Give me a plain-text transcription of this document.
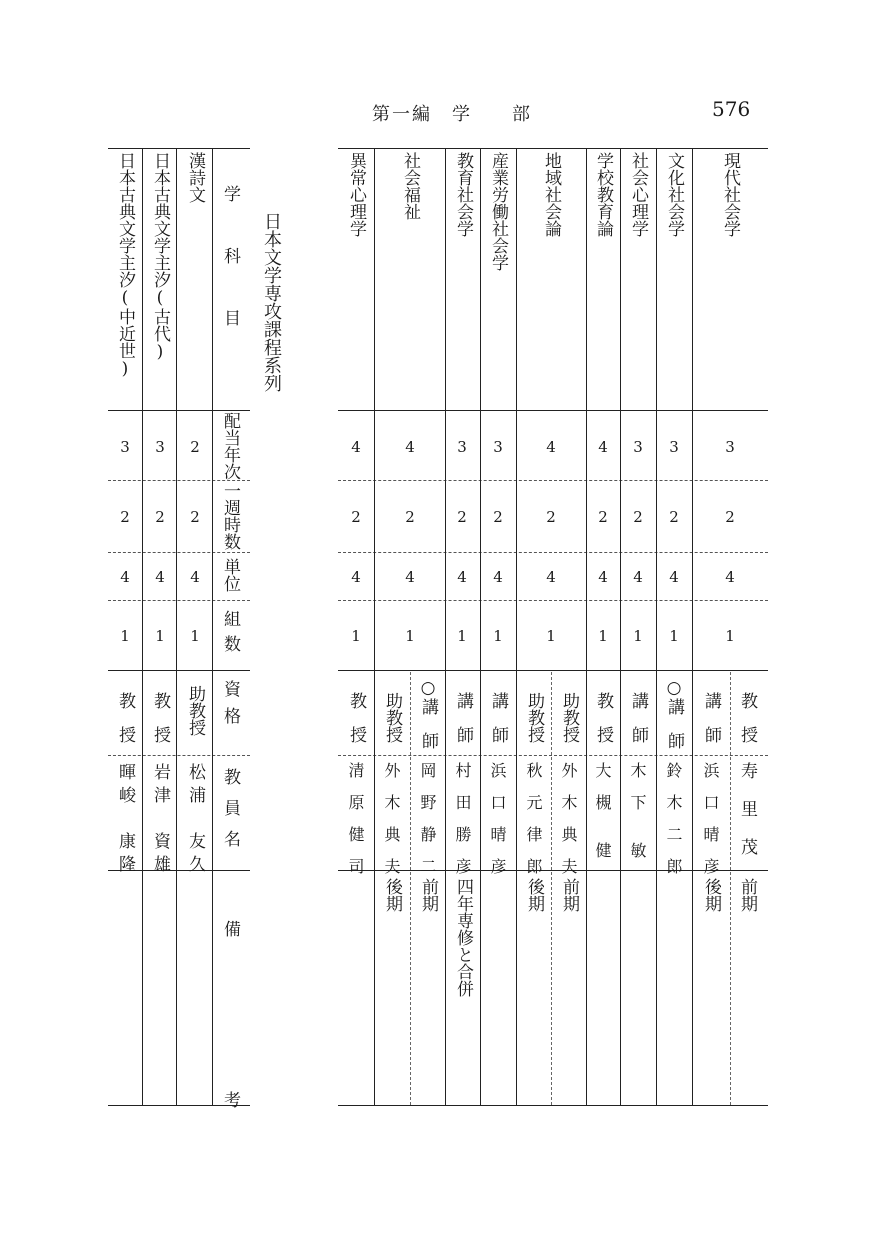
第一編　学　　部	576
日本文学専攻課程系列
学　科　目
配当年次
一週時数
単位
組数
資格
教員名
備　　考
漢詩文
2
2
4
1
助教授
松浦　友久
日本古典文学主汐(古代)
3
2
4
1
教　授
岩津　資雄
日本古典文学主汐(中近世)
3
2
4
1
教　授
暉峻　康隆
現代社会学
3
2
4
1
教　授
寿　里　茂
前期
講　師
浜　口　晴　彦
後期
文化社会学
3
2
4
1
○講　師
鈴　木　二　郎
社会心理学
3
2
4
1
講　師
木　下　　敏
学校教育論
4
2
4
1
教　授
大　槻　　健
地域社会論
4
2
4
1
助教授
外　木　典　夫
前期
助教授
秋　元　律　郎
後期
産業労働社会学
3
2
4
1
講　師
浜　口　晴　彦
教育社会学
3
2
4
1
講　師
村　田　勝　彦
四年専修と合併
社会福祉
4
2
4
1
○講　師
岡　野　静　二
前期
助教授
外　木　典　夫
後期
異常心理学
4
2
4
1
教　授
清　原　健　司
